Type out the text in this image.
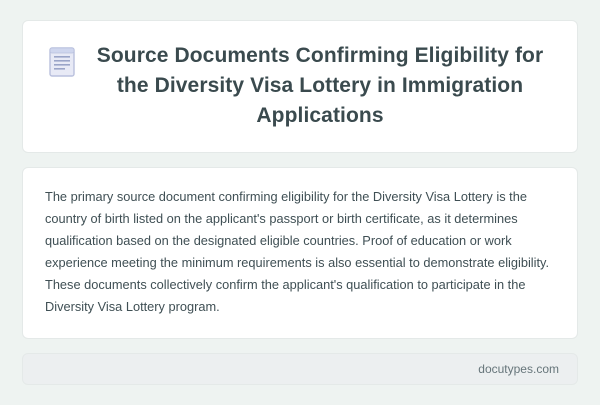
Source Documents Confirming Eligibility for the Diversity Visa Lottery in Immigration Applications

The primary source document confirming eligibility for the Diversity Visa Lottery is the country of birth listed on the applicant's passport or birth certificate, as it determines qualification based on the designated eligible countries. Proof of education or work experience meeting the minimum requirements is also essential to demonstrate eligibility. These documents collectively confirm the applicant's qualification to participate in the Diversity Visa Lottery program.

docutypes.com
